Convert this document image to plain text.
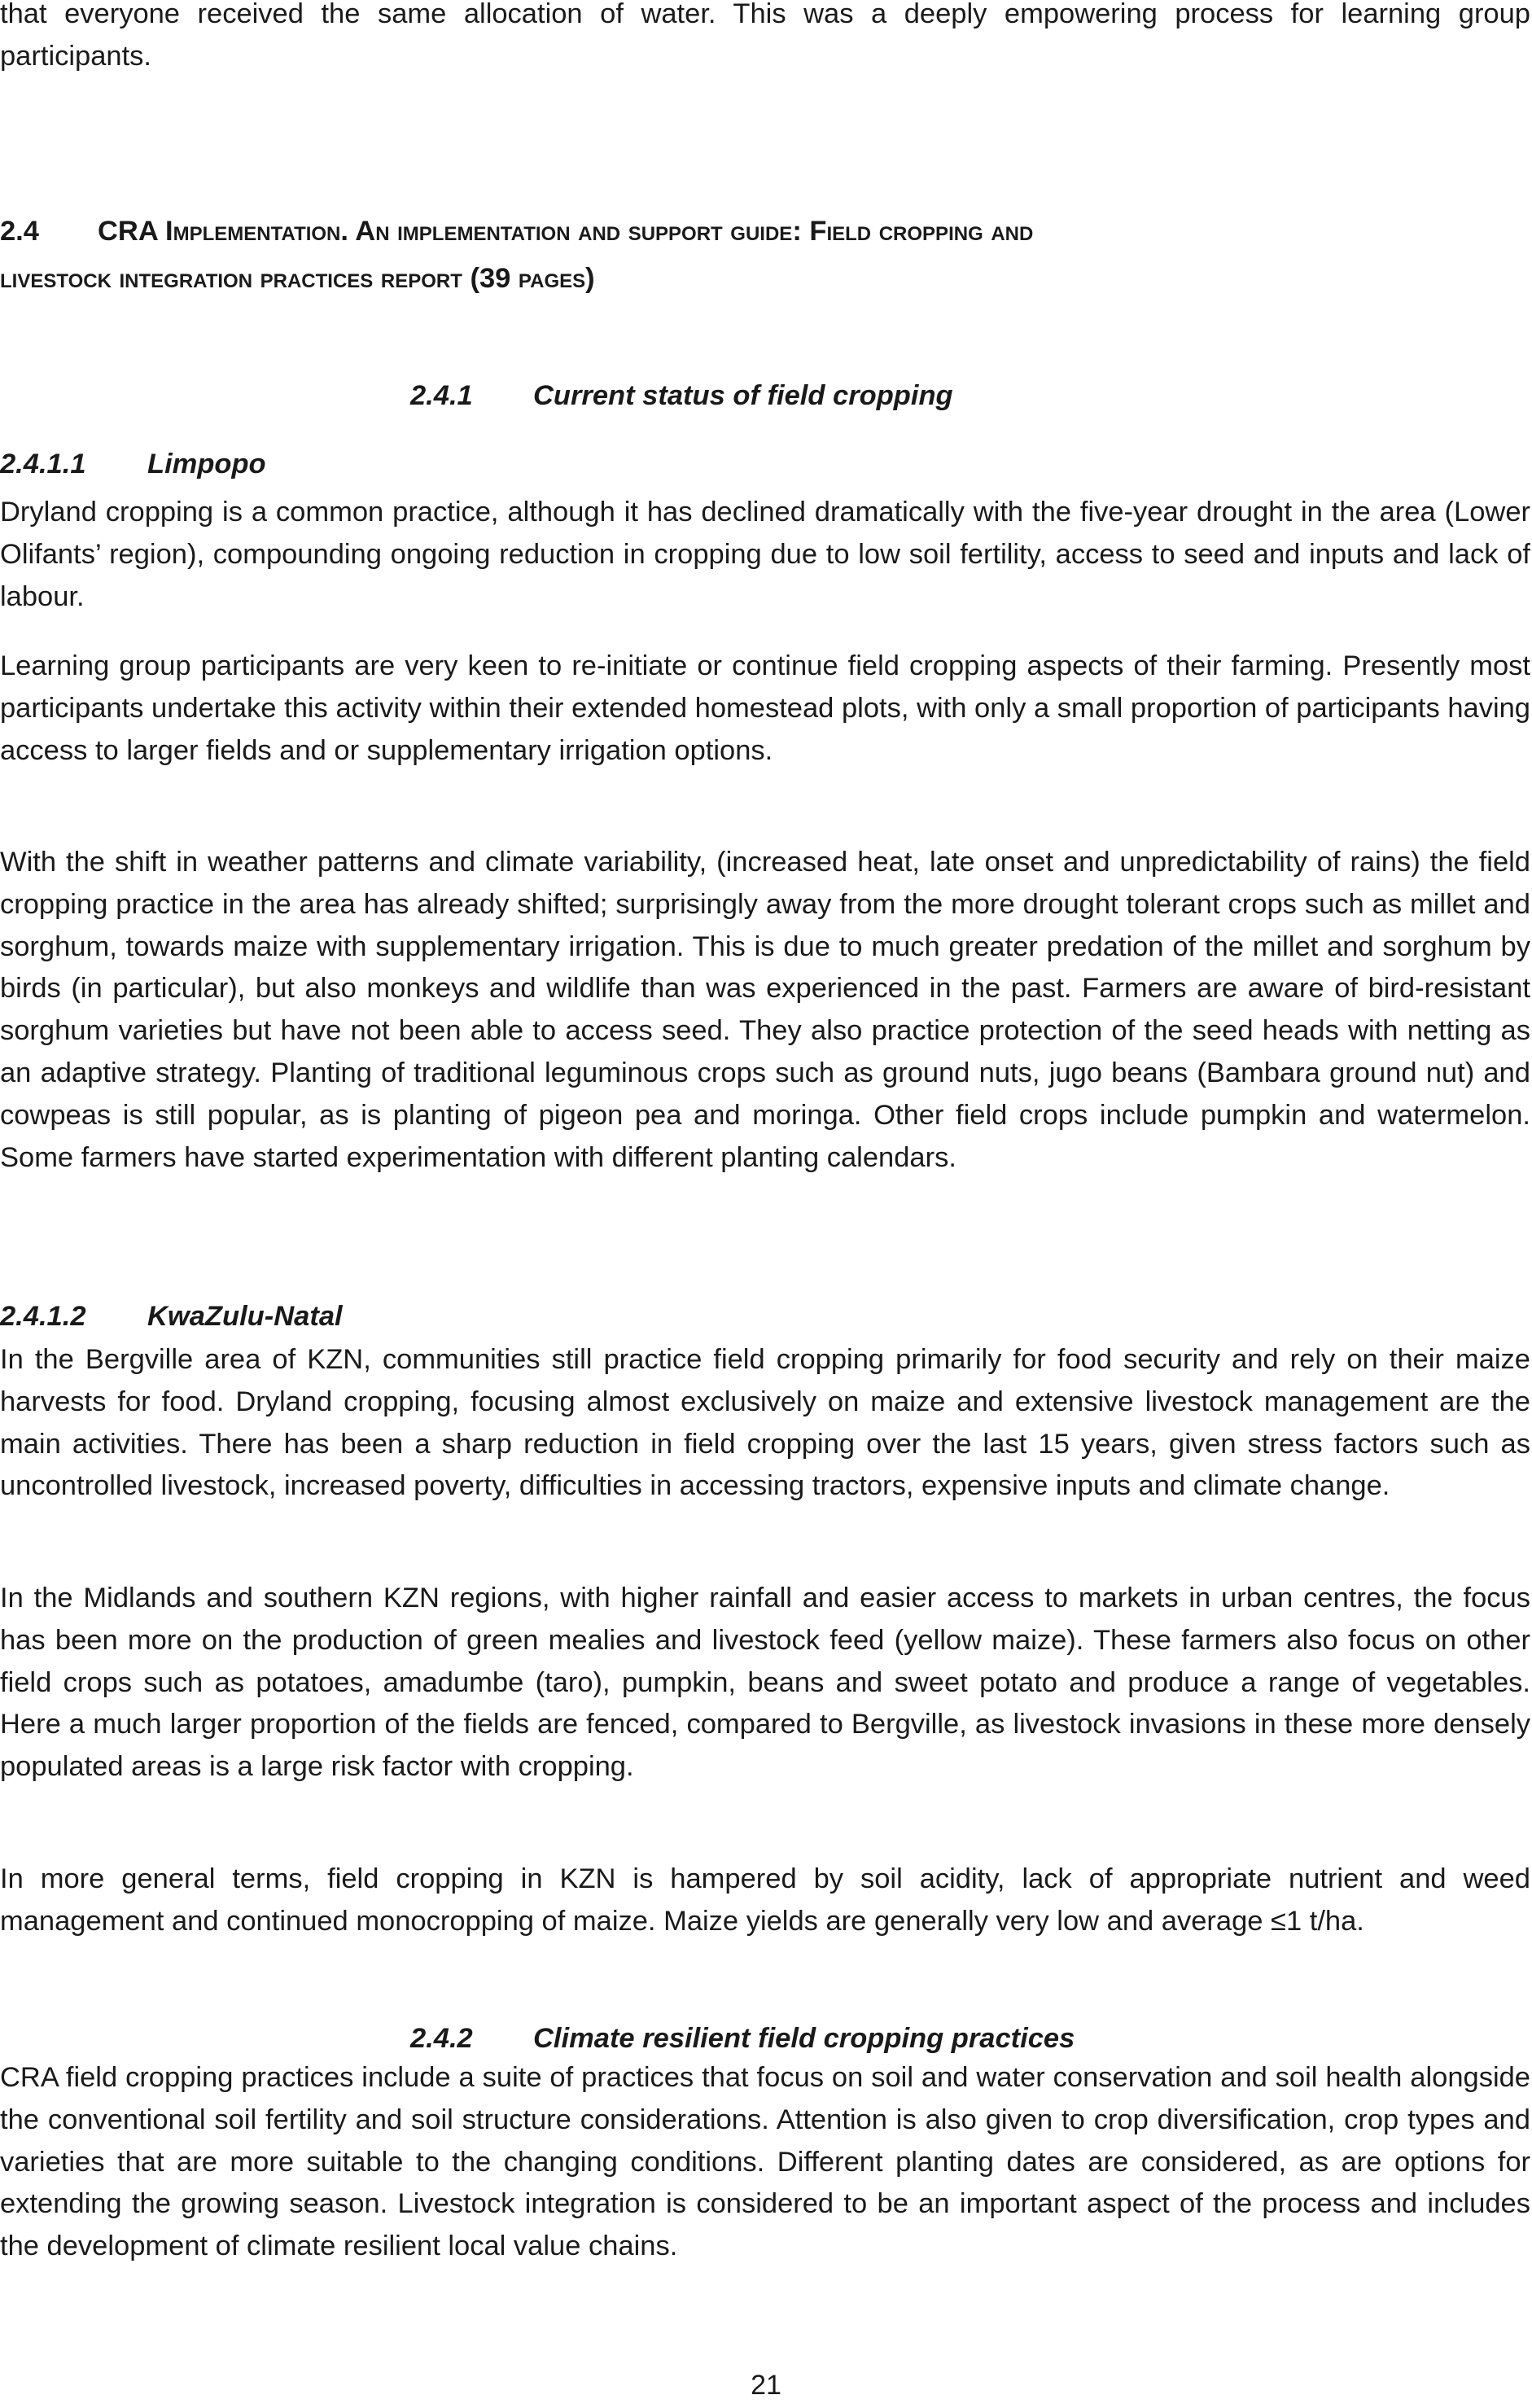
that everyone received the same allocation of water. This was a deeply empowering process for learning group participants.

2.4 CRA Implementation. An implementation and support guide: Field cropping and
livestock integration practices report (39 pages)
2.4.1 Current status of field cropping
2.4.1.1 Limpopo

Dryland cropping is a common practice, although it has declined dramatically with the five-year drought in the area (Lower Olifants’ region), compounding ongoing reduction in cropping due to low soil fertility, access to seed and inputs and lack of labour.

Learning group participants are very keen to re-initiate or continue field cropping aspects of their farming. Presently most participants undertake this activity within their extended homestead plots, with only a small proportion of participants having access to larger fields and or supplementary irrigation options.

With the shift in weather patterns and climate variability, (increased heat, late onset and unpredictability of rains) the field cropping practice in the area has already shifted; surprisingly away from the more drought tolerant crops such as millet and sorghum, towards maize with supplementary irrigation. This is due to much greater predation of the millet and sorghum by birds (in particular), but also monkeys and wildlife than was experienced in the past. Farmers are aware of bird-resistant sorghum varieties but have not been able to access seed. They also practice protection of the seed heads with netting as an adaptive strategy. Planting of traditional leguminous crops such as ground nuts, jugo beans (Bambara ground nut) and cowpeas is still popular, as is planting of pigeon pea and moringa. Other field crops include pumpkin and watermelon. Some farmers have started experimentation with different planting calendars.

2.4.1.2 KwaZulu-Natal

In the Bergville area of KZN, communities still practice field cropping primarily for food security and rely on their maize harvests for food. Dryland cropping, focusing almost exclusively on maize and extensive livestock management are the main activities. There has been a sharp reduction in field cropping over the last 15 years, given stress factors such as uncontrolled livestock, increased poverty, difficulties in accessing tractors, expensive inputs and climate change.

In the Midlands and southern KZN regions, with higher rainfall and easier access to markets in urban centres, the focus has been more on the production of green mealies and livestock feed (yellow maize). These farmers also focus on other field crops such as potatoes, amadumbe (taro), pumpkin, beans and sweet potato and produce a range of vegetables. Here a much larger proportion of the fields are fenced, compared to Bergville, as livestock invasions in these more densely populated areas is a large risk factor with cropping.

In more general terms, field cropping in KZN is hampered by soil acidity, lack of appropriate nutrient and weed management and continued monocropping of maize. Maize yields are generally very low and average ≤1 t/ha.

2.4.2 Climate resilient field cropping practices

CRA field cropping practices include a suite of practices that focus on soil and water conservation and soil health alongside the conventional soil fertility and soil structure considerations. Attention is also given to crop diversification, crop types and varieties that are more suitable to the changing conditions. Different planting dates are considered, as are options for extending the growing season. Livestock integration is considered to be an important aspect of the process and includes the development of climate resilient local value chains.

21
